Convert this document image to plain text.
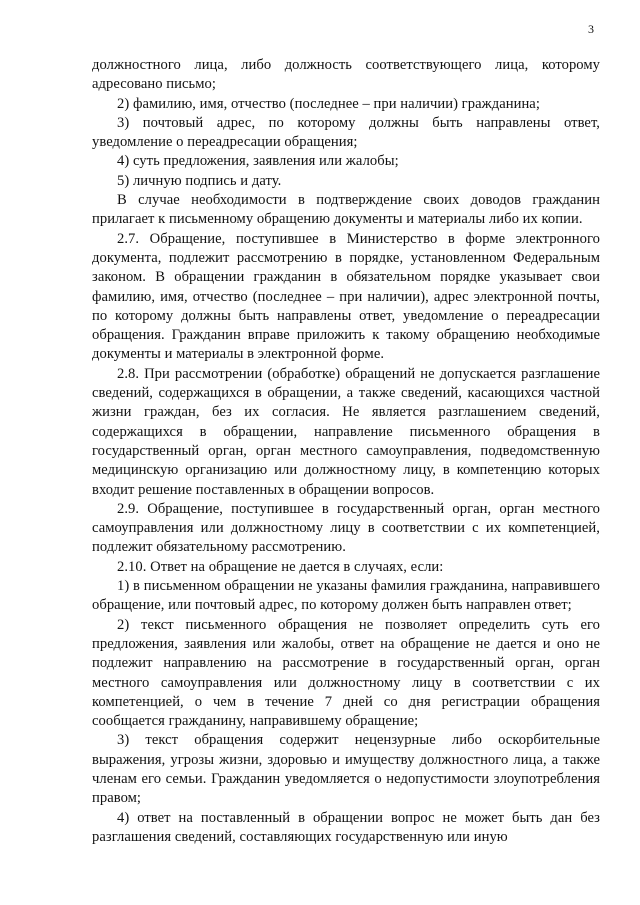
3

должностного лица, либо должность соответствующего лица, которому адресовано письмо;

2) фамилию, имя, отчество (последнее – при наличии) гражданина;

3) почтовый адрес, по которому должны быть направлены ответ, уведомление о переадресации обращения;

4) суть предложения, заявления или жалобы;

5) личную подпись и дату.

В случае необходимости в подтверждение своих доводов гражданин прилагает к письменному обращению документы и материалы либо их копии.

2.7. Обращение, поступившее в Министерство в форме электронного документа, подлежит рассмотрению в порядке, установленном Федеральным законом. В обращении гражданин в обязательном порядке указывает свои фамилию, имя, отчество (последнее – при наличии), адрес электронной почты, по которому должны быть направлены ответ, уведомление о переадресации обращения. Гражданин вправе приложить к такому обращению необходимые документы и материалы в электронной форме.

2.8. При рассмотрении (обработке) обращений не допускается разглашение сведений, содержащихся в обращении, а также сведений, касающихся частной жизни граждан, без их согласия. Не является разглашением сведений, содержащихся в обращении, направление письменного обращения в государственный орган, орган местного самоуправления, подведомственную медицинскую организацию или должностному лицу, в компетенцию которых входит решение поставленных в обращении вопросов.

2.9. Обращение, поступившее в государственный орган, орган местного самоуправления или должностному лицу в соответствии с их компетенцией, подлежит обязательному рассмотрению.

2.10. Ответ на обращение не дается в случаях, если:

1) в письменном обращении не указаны фамилия гражданина, направившего обращение, или почтовый адрес, по которому должен быть направлен ответ;

2) текст письменного обращения не позволяет определить суть его предложения, заявления или жалобы, ответ на обращение не дается и оно не подлежит направлению на рассмотрение в государственный орган, орган местного самоуправления или должностному лицу в соответствии с их компетенцией, о чем в течение 7 дней со дня регистрации обращения сообщается гражданину, направившему обращение;

3) текст обращения содержит нецензурные либо оскорбительные выражения, угрозы жизни, здоровью и имуществу должностного лица, а также членам его семьи. Гражданин уведомляется о недопустимости злоупотребления правом;

4) ответ на поставленный в обращении вопрос не может быть дан без разглашения сведений, составляющих государственную или иную
